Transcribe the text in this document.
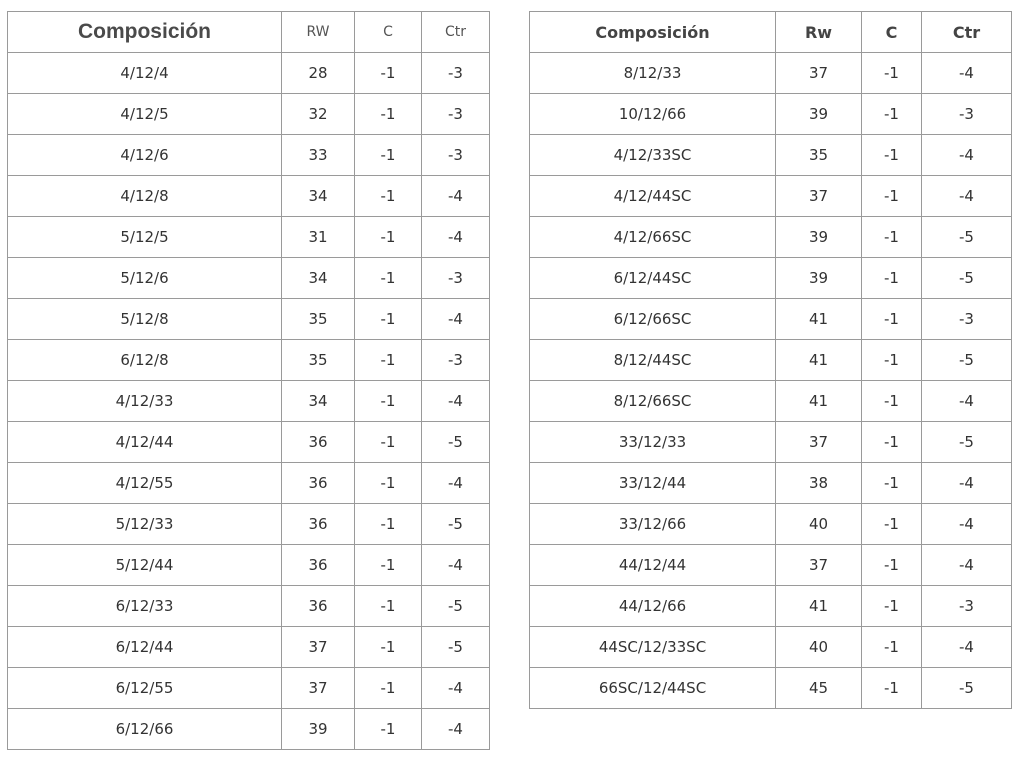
Composición	RW	C	Ctr
4/12/4	28	-1	-3
4/12/5	32	-1	-3
4/12/6	33	-1	-3
4/12/8	34	-1	-4
5/12/5	31	-1	-4
5/12/6	34	-1	-3
5/12/8	35	-1	-4
6/12/8	35	-1	-3
4/12/33	34	-1	-4
4/12/44	36	-1	-5
4/12/55	36	-1	-4
5/12/33	36	-1	-5
5/12/44	36	-1	-4
6/12/33	36	-1	-5
6/12/44	37	-1	-5
6/12/55	37	-1	-4
6/12/66	39	-1	-4
Composición	Rw	C	Ctr
8/12/33	37	-1	-4
10/12/66	39	-1	-3
4/12/33SC	35	-1	-4
4/12/44SC	37	-1	-4
4/12/66SC	39	-1	-5
6/12/44SC	39	-1	-5
6/12/66SC	41	-1	-3
8/12/44SC	41	-1	-5
8/12/66SC	41	-1	-4
33/12/33	37	-1	-5
33/12/44	38	-1	-4
33/12/66	40	-1	-4
44/12/44	37	-1	-4
44/12/66	41	-1	-3
44SC/12/33SC	40	-1	-4
66SC/12/44SC	45	-1	-5
